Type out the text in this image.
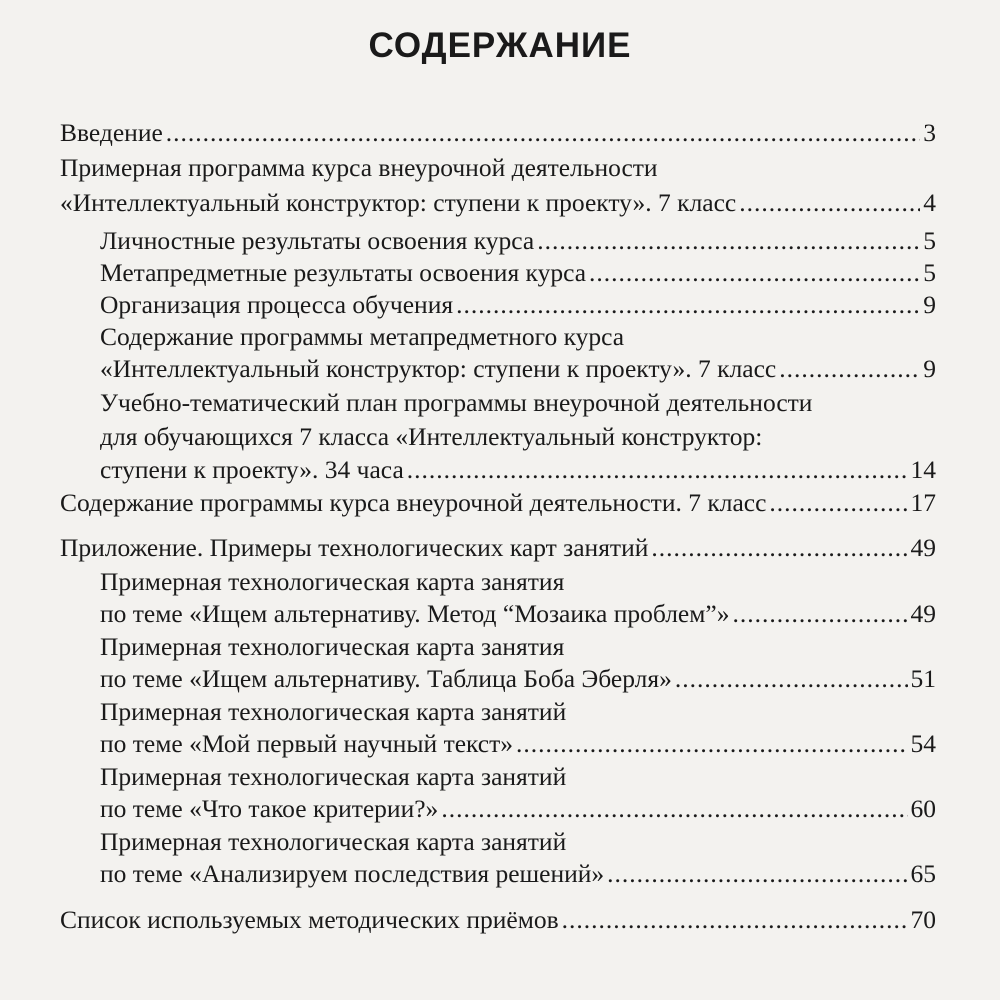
СОДЕРЖАНИЕ
Введение .....	3
Примерная программа курса внеурочной деятельности
«Интеллектуальный конструктор: ступени к проекту». 7 класс .....	4
Личностные результаты освоения курса .....	5
Метапредметные результаты освоения курса .....	5
Организация процесса обучения .....	9
Содержание программы метапредметного курса
«Интеллектуальный конструктор: ступени к проекту». 7 класс .....	9
Учебно-тематический план программы внеурочной деятельности
для обучающихся 7 класса «Интеллектуальный конструктор:
ступени к проекту». 34 часа .....	14
Содержание программы курса внеурочной деятельности. 7 класс .....	17
Приложение. Примеры технологических карт занятий .....	49
Примерная технологическая карта занятия
по теме «Ищем альтернативу. Метод “Мозаика проблем”» .....	49
Примерная технологическая карта занятия
по теме «Ищем альтернативу. Таблица Боба Эберля» .....	51
Примерная технологическая карта занятий
по теме «Мой первый научный текст» .....	54
Примерная технологическая карта занятий
по теме «Что такое критерии?» .....	60
Примерная технологическая карта занятий
по теме «Анализируем последствия решений» .....	65
Список используемых методических приёмов .....	70
